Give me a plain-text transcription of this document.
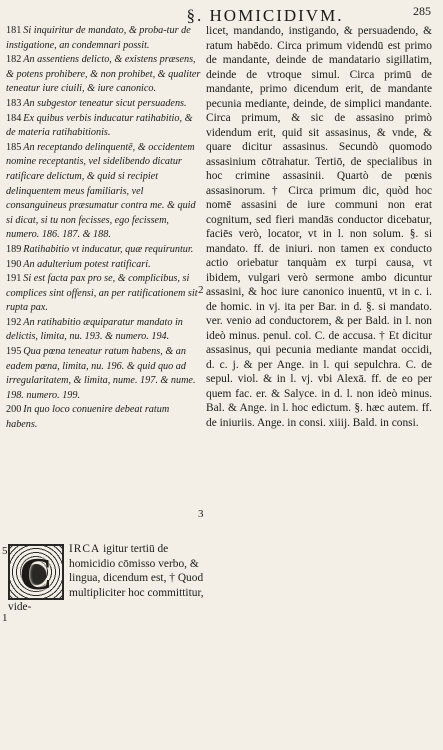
§. HOMICIDIVM.	285

181 Si inquiritur de mandato, & proba-tur de instigatione, an condemnari possit.

182 An assentiens delicto, & existens præsens, & potens prohibere, & non prohibet, & qualiter teneatur iure ciuili, & iure canonico.

183 An subgestor teneatur sicut persuadens.

184 Ex quibus verbis inducatur ratihabitio, & de materia ratihabitionis.

185 An receptando delinquentē, & occidentem nomine receptantis, vel sidelibendo dicatur ratificare delictum, & quid si recipiet delinquentem meus familiaris, vel consanguineus præsumatur contra me. & quid si dicat, si tu non fecisses, ego fecissem, numero. 186. 187. & 188.

189 Ratihabitio vt inducatur, quæ requiruntur.

190 An adulterium potest ratificari.

191 Si est facta pax pro se, & complicibus, si complices sint offensi, an per ratificationem sit rupta pax.

192 An ratihabitio æquiparatur mandato in delictis, limita, nu. 193. & numero. 194.

195 Qua pœna teneatur ratum habens, & an eadem pœna, limita, nu. 196. & quid quo ad irregularitatem, & limita, nume. 197. & nume. 198. numero. 199.

200 In quo loco conuenire debeat ratum habens.

C	IRCA igitur tertiū de homicidio cōmisso verbo, & lingua, dicendum est, † Quod multipliciter hoc committitur, vide-
5
1

licet, mandando, instigando, & persuadendo, & ratum habēdo. Circa primum videndū est primo de mandante, deinde de mandatario sigillatim, deinde de vtroque simul. Circa primū de mandante, primo dicendum erit, de mandante pecunia mediante, deinde, de simplici mandante. Circa primum, & sic de assasino primò videndum erit, quid sit assasinus, & vnde, & quare dicitur assasinus. Secundò quomodo assasinium cōtrahatur. Tertiō, de specialibus in hoc crimine assasinii. Quartò de pœnis assasinorum. † Circa primum dic, quòd hoc nomē assasini de iure communi non erat cognitum, sed fieri mandās conductor dicebatur, faciēs verò, locator, vt in l. non solum. §. si mandato. ff. de iniuri. non tamen ex conducto actio oriebatur tanquàm ex turpi causa, vt ibidem, vulgari verò sermone ambo dicuntur assasini, & hoc iure canonico inuentū, vt in c. i. de homic. in vj. ita per Bar. in d. §. si mandato. ver. venio ad conductorem, & per Bald. in l. non ideò minus. penul. col. C. de accusa. † Et dicitur assasinus, qui pecunia mediante mandat occidi, d. c. j. & per Ange. in l. qui sepulchra. C. de sepul. viol. & in l. vj. vbi Alexā. ff. de eo per quem fac. er. & Salyce. in d. l. non ideò minus. Bal. & Ange. in l. hoc edictum. §. hæc autem. ff. de iniuriis. Ange. in consi. xiiij. Bald. in consi.

2
3
